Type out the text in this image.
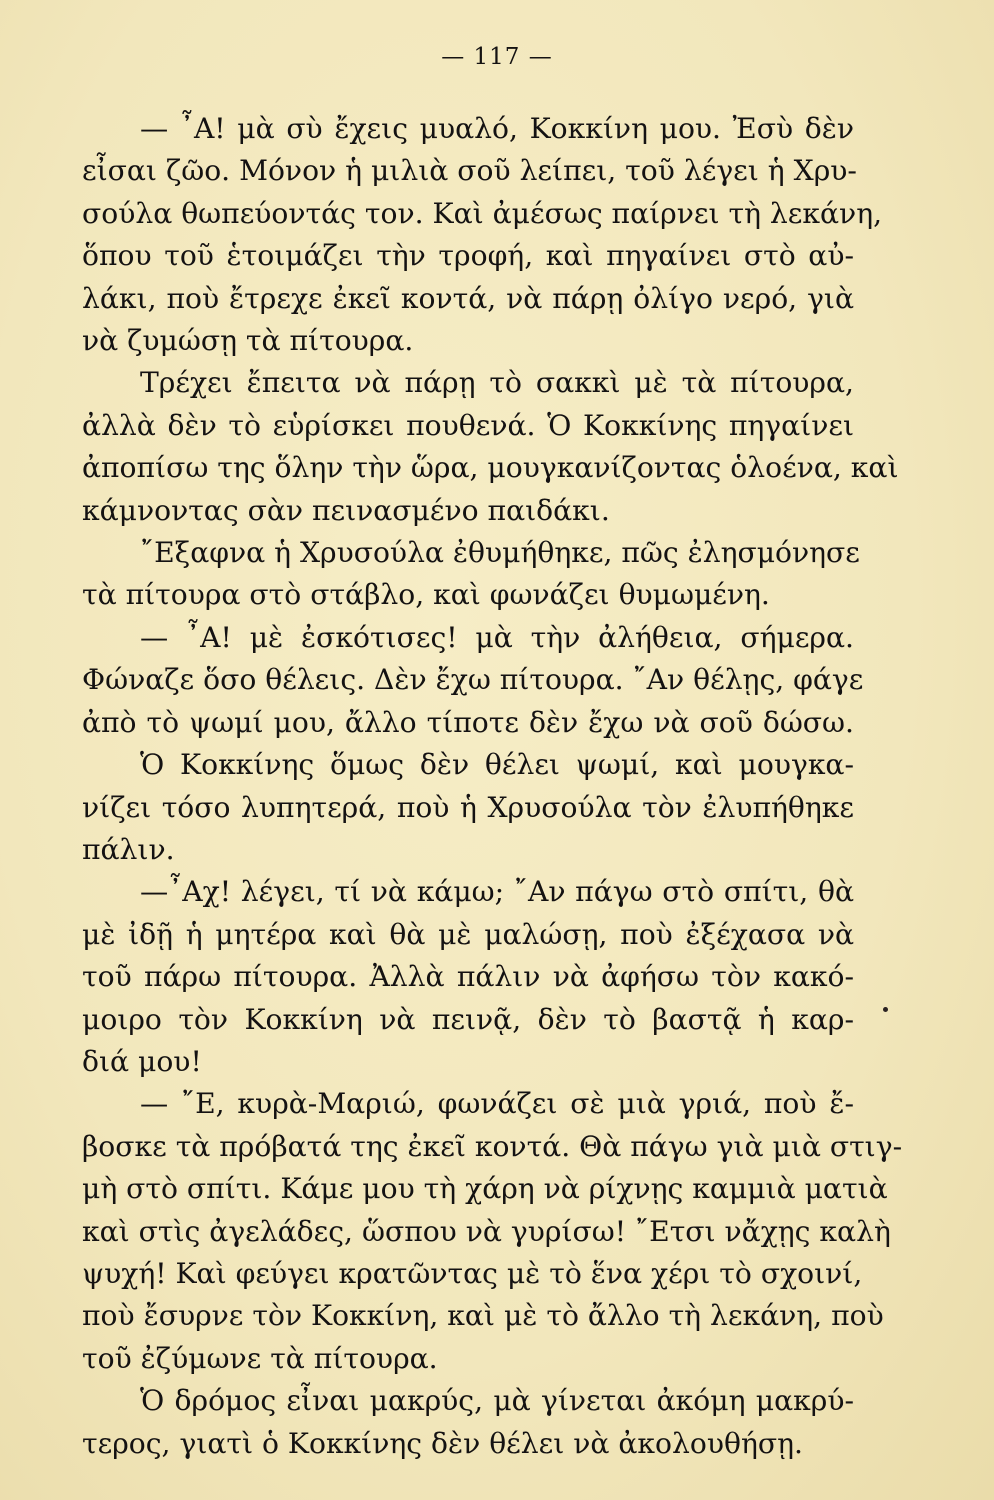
— 117 —
— ῏Α! μὰ σὺ ἔχεις μυαλό, Κοκκίνη μου. Ἐσὺ δὲν
εἶσαι ζῶο. Μόνον ἡ μιλιὰ σοῦ λείπει, τοῦ λέγει ἡ Χρυ-
σούλα θωπεύοντάς τον. Καὶ ἀμέσως παίρνει τὴ λεκάνη,
ὅπου τοῦ ἑτοιμάζει τὴν τροφή, καὶ πηγαίνει στὸ αὐ-
λάκι, ποὺ ἔτρεχε ἐκεῖ κοντά, νὰ πάρῃ ὀλίγο νερό, γιὰ
νὰ ζυμώσῃ τὰ πίτουρα.
Τρέχει ἔπειτα νὰ πάρῃ τὸ σακκὶ μὲ τὰ πίτουρα,
ἀλλὰ δὲν τὸ εὑρίσκει πουθενά. Ὁ Κοκκίνης πηγαίνει
ἀποπίσω της ὅλην τὴν ὥρα, μουγκανίζοντας ὁλοένα, καὶ
κάμνοντας σὰν πεινασμένο παιδάκι.
῎Εξαφνα ἡ Χρυσούλα ἐθυμήθηκε, πῶς ἐλησμόνησε
τὰ πίτουρα στὸ στάβλο, καὶ φωνάζει θυμωμένη.
— ῏Α! μὲ ἐσκότισες! μὰ τὴν ἀλήθεια, σήμερα.
Φώναζε ὅσο θέλεις. Δὲν ἔχω πίτουρα. ῎Αν θέλῃς, φάγε
ἀπὸ τὸ ψωμί μου, ἄλλο τίποτε δὲν ἔχω νὰ σοῦ δώσω.
Ὁ Κοκκίνης ὅμως δὲν θέλει ψωμί, καὶ μουγκα-
νίζει τόσο λυπητερά, ποὺ ἡ Χρυσούλα τὸν ἐλυπήθηκε
πάλιν.
—῏Αχ! λέγει, τί νὰ κάμω; ῎Αν πάγω στὸ σπίτι, θὰ
μὲ ἰδῇ ἡ μητέρα καὶ θὰ μὲ μαλώσῃ, ποὺ ἐξέχασα νὰ
τοῦ πάρω πίτουρα. Ἀλλὰ πάλιν νὰ ἀφήσω τὸν κακό-
μοιρο τὸν Κοκκίνη νὰ πεινᾷ, δὲν τὸ βαστᾷ ἡ καρ-
διά μου!
— ῎Ε, κυρὰ-Μαριώ, φωνάζει σὲ μιὰ γριά, ποὺ ἔ-
βοσκε τὰ πρόβατά της ἐκεῖ κοντά. Θὰ πάγω γιὰ μιὰ στιγ-
μὴ στὸ σπίτι. Κάμε μου τὴ χάρη νὰ ρίχνῃς καμμιὰ ματιὰ
καὶ στὶς ἀγελάδες, ὥσπου νὰ γυρίσω! ῎Ετσι νἄχῃς καλὴ
ψυχή! Καὶ φεύγει κρατῶντας μὲ τὸ ἕνα χέρι τὸ σχοινί,
ποὺ ἔσυρνε τὸν Κοκκίνη, καὶ μὲ τὸ ἄλλο τὴ λεκάνη, ποὺ
τοῦ ἐζύμωνε τὰ πίτουρα.
Ὁ δρόμος εἶναι μακρύς, μὰ γίνεται ἀκόμη μακρύ-
τερος, γιατὶ ὁ Κοκκίνης δὲν θέλει νὰ ἀκολουθήσῃ.
